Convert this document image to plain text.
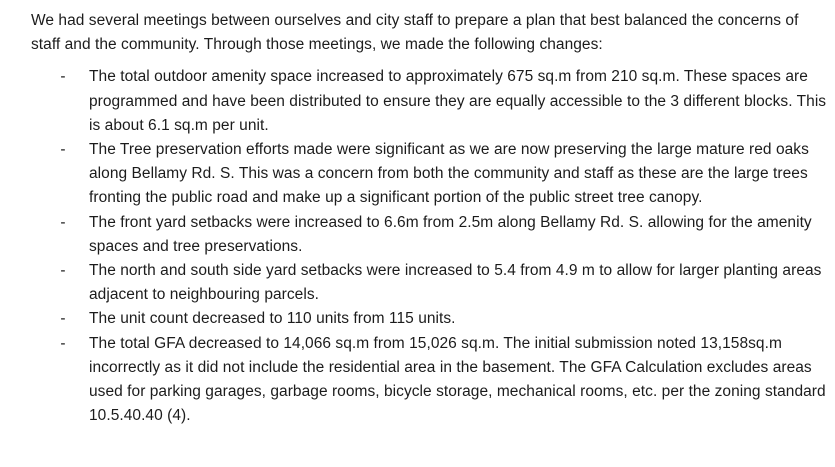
We had several meetings between ourselves and city staff to prepare a plan that best balanced the concerns of staff and the community. Through those meetings, we made the following changes:

- The total outdoor amenity space increased to approximately 675 sq.m from 210 sq.m. These spaces are programmed and have been distributed to ensure they are equally accessible to the 3 different blocks. This is about 6.1 sq.m per unit.
- The Tree preservation efforts made were significant as we are now preserving the large mature red oaks along Bellamy Rd. S. This was a concern from both the community and staff as these are the large trees fronting the public road and make up a significant portion of the public street tree canopy.
- The front yard setbacks were increased to 6.6m from 2.5m along Bellamy Rd. S. allowing for the amenity spaces and tree preservations.
- The north and south side yard setbacks were increased to 5.4 from 4.9 m to allow for larger planting areas adjacent to neighbouring parcels.
- The unit count decreased to 110 units from 115 units.
- The total GFA decreased to 14,066 sq.m from 15,026 sq.m. The initial submission noted 13,158sq.m incorrectly as it did not include the residential area in the basement. The GFA Calculation excludes areas used for parking garages, garbage rooms, bicycle storage, mechanical rooms, etc. per the zoning standard 10.5.40.40 (4).
